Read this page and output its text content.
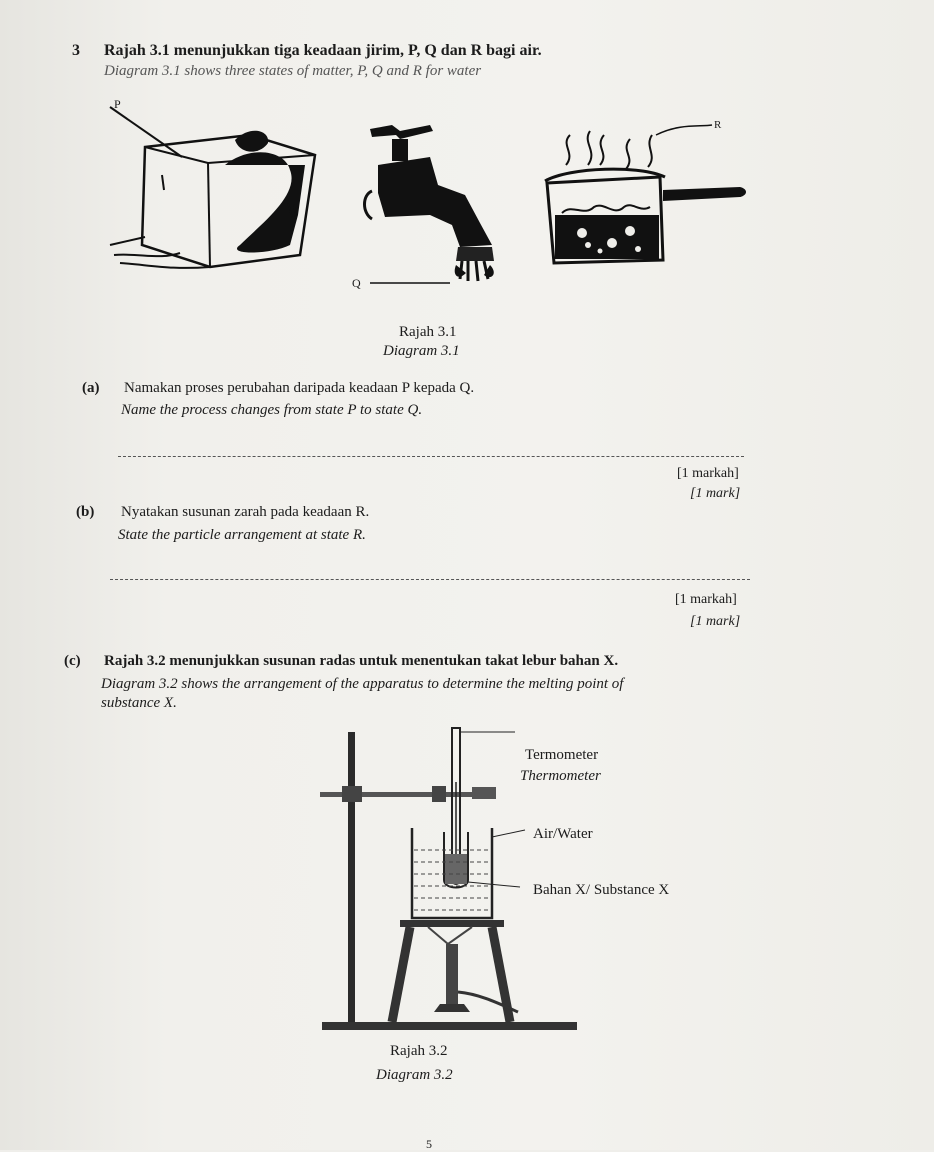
3 Rajah 3.1 menunjukkan tiga keadaan jirim, P, Q dan R bagi air.
Diagram 3.1 shows three states of matter, P, Q and R for water
P
Q
R
Rajah 3.1
Diagram 3.1
(a) Namakan proses perubahan daripada keadaan P kepada Q.
Name the process changes from state P to state Q.
[1 markah]
[1 mark]
(b) Nyatakan susunan zarah pada keadaan R.
State the particle arrangement at state R.
[1 markah]
[1 mark]
(c) Rajah 3.2 menunjukkan susunan radas untuk menentukan takat lebur bahan X.
Diagram 3.2 shows the arrangement of the apparatus to determine the melting point of
substance X.
Termometer
Thermometer
Air/Water
Bahan X/ Substance X
Rajah 3.2
Diagram 3.2
5
